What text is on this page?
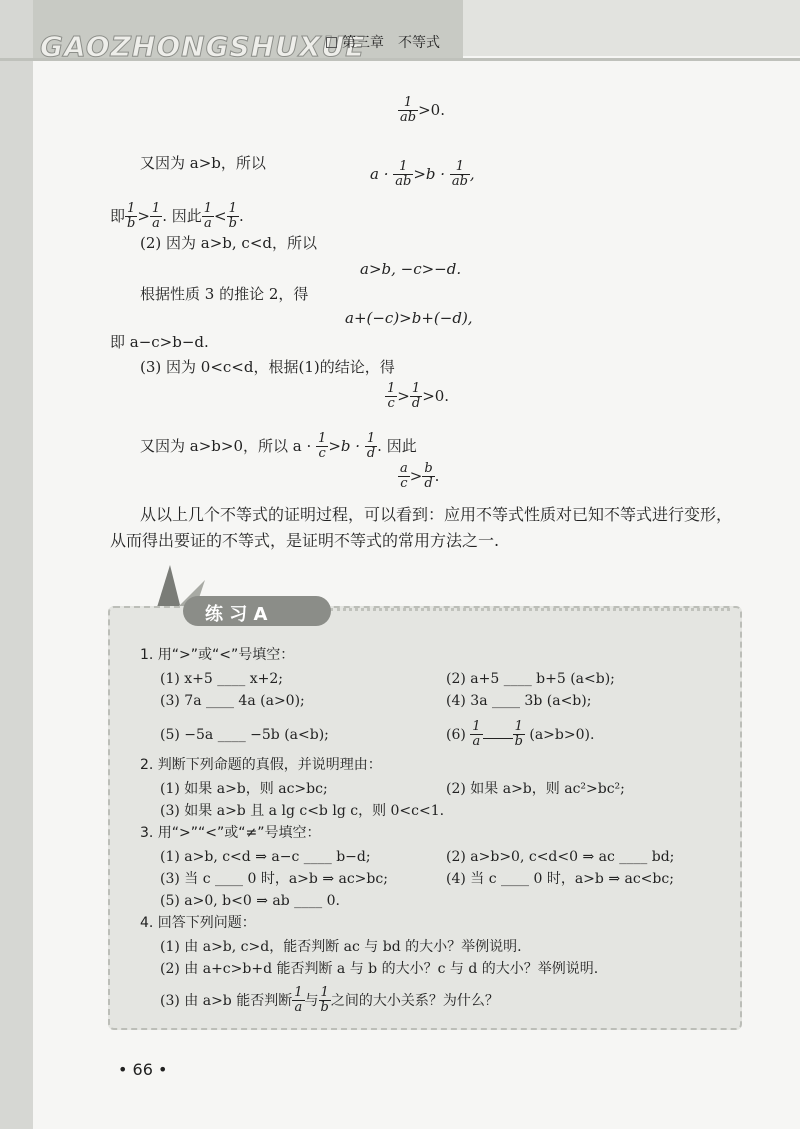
GAOZHONGSHUXUE
第三章　不等式
$\frac{1}{ab} >0$.
又因为 a>b，所以
$a \cdot \frac{1}{ab} >b \cdot \frac{1}{ab}$ ,
即 $\frac{1}{b} > \frac{1}{a}$ . 因此 $\frac{1}{a} < \frac{1}{b}$ .
(2) 因为 a>b, c<d，所以
a>b, −c>−d.
根据性质 3 的推论 2，得
a+(−c)>b+(−d),
即 a−c>b−d.
(3) 因为 0<c<d，根据(1)的结论，得
$\frac{1}{c} > \frac{1}{d} >0$.
又因为 a>b>0，所以 $a \cdot \frac{1}{c} >b \cdot \frac{1}{d}$ . 因此
$\frac{a}{c} > \frac{b}{d}$ .
从以上几个不等式的证明过程，可以看到：应用不等式性质对已知不等式进行变形，
从而得出要证的不等式，是证明不等式的常用方法之一.
练 习 A
1. 用“>”或“<”号填空：
(1) x+5 ____ x+2;	(2) a+5 ____ b+5 (a<b);
(3) 7a ____ 4a (a>0);	(4) 3a ____ 3b (a<b);
(5) −5a ____ −5b (a<b);	$(6) \frac{1}{a} \frac{1}{b} (a>b>0)$.
2. 判断下列命题的真假，并说明理由：
(1) 如果 a>b，则 ac>bc;	(2) 如果 a>b，则 ac²>bc²;
(3) 如果 a>b 且 a lg c<b lg c，则 0<c<1.
3. 用“>”“<”或“≠”号填空：
(1) a>b, c<d ⇒ a−c ____ b−d;	(2) a>b>0, c<d<0 ⇒ ac ____ bd;
(3) 当 c ____ 0 时，a>b ⇒ ac>bc;	(4) 当 c ____ 0 时，a>b ⇒ ac<bc;
(5) a>0, b<0 ⇒ ab ____ 0.
4. 回答下列问题：
(1) 由 a>b, c>d，能否判断 ac 与 bd 的大小？举例说明.
(2) 由 a+c>b+d 能否判断 a 与 b 的大小？c 与 d 的大小？举例说明.
(3) 由 a>b 能否判断 $\frac{1}{a}$ 与 $\frac{1}{b}$ 之间的大小关系？为什么？
• 66 •
